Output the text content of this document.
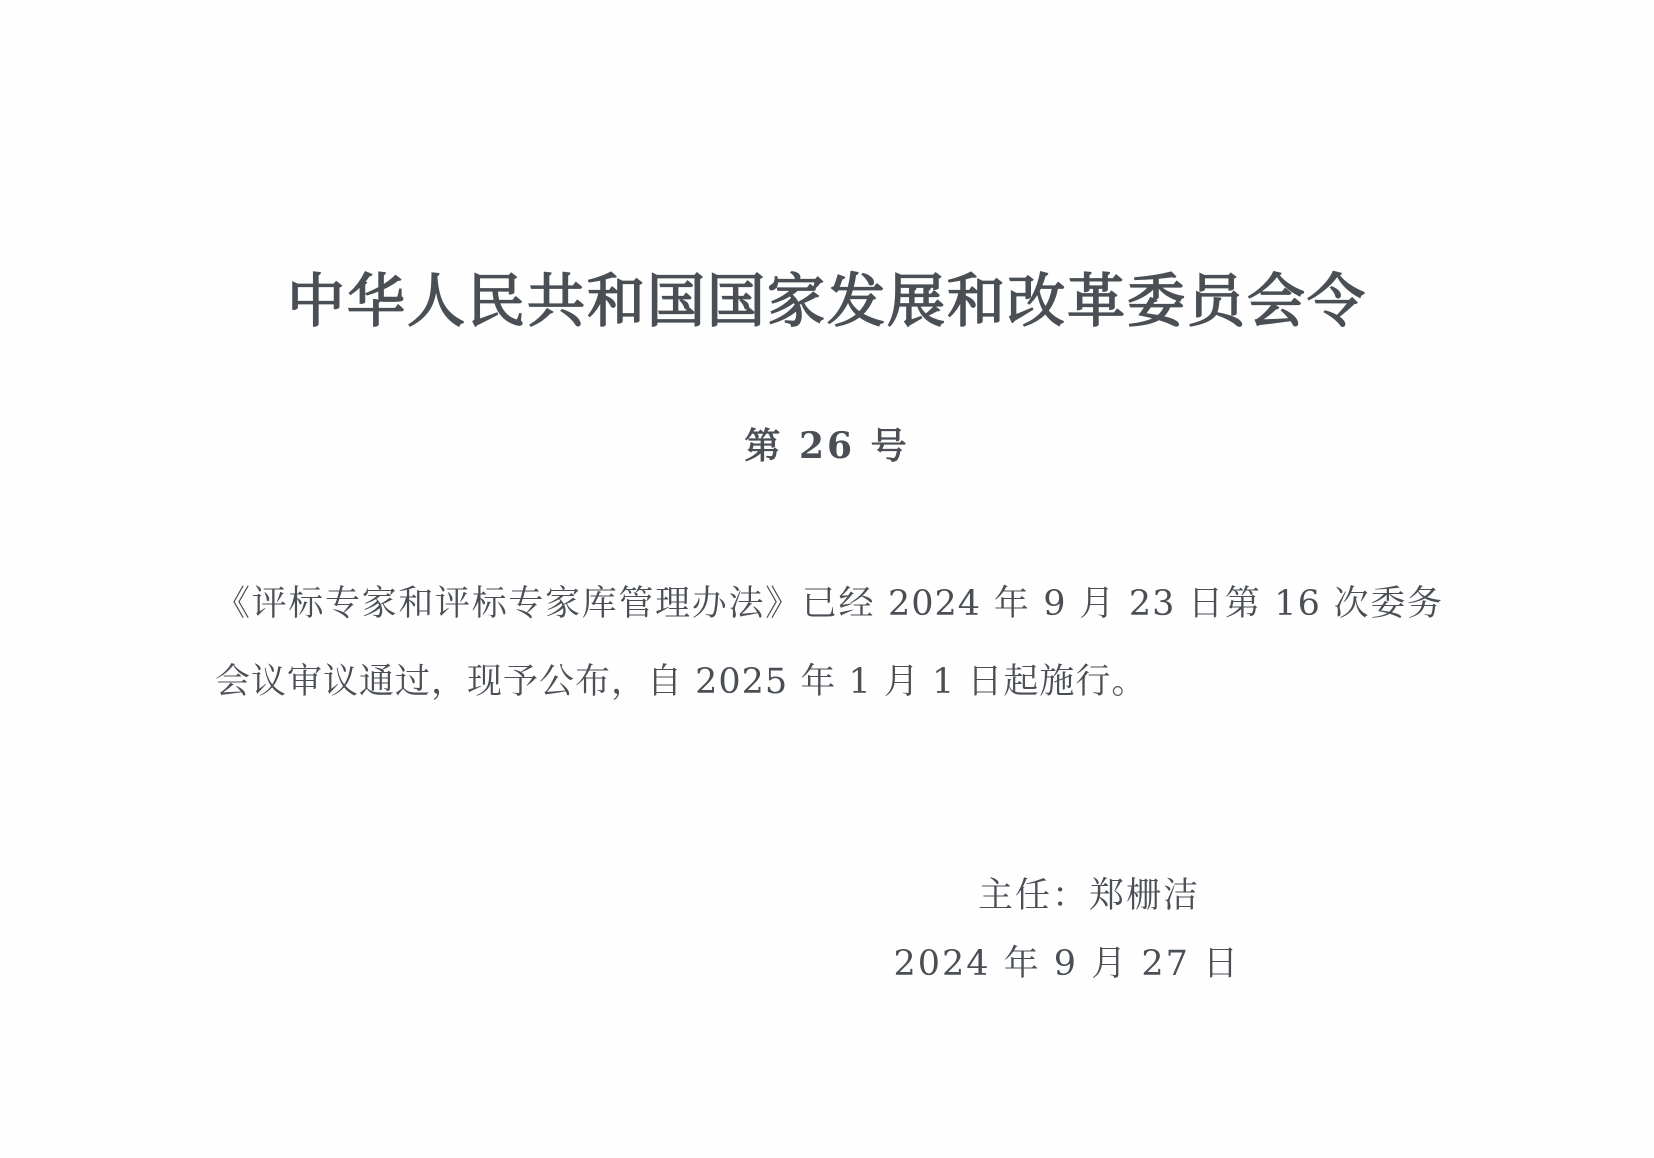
中华人民共和国国家发展和改革委员会令
第 26 号

《评标专家和评标专家库管理办法》已经 2024 年 9 月 23 日第 16 次委务会议审议通过，现予公布，自 2025 年 1 月 1 日起施行。

主任：郑栅洁
2024 年 9 月 27 日
